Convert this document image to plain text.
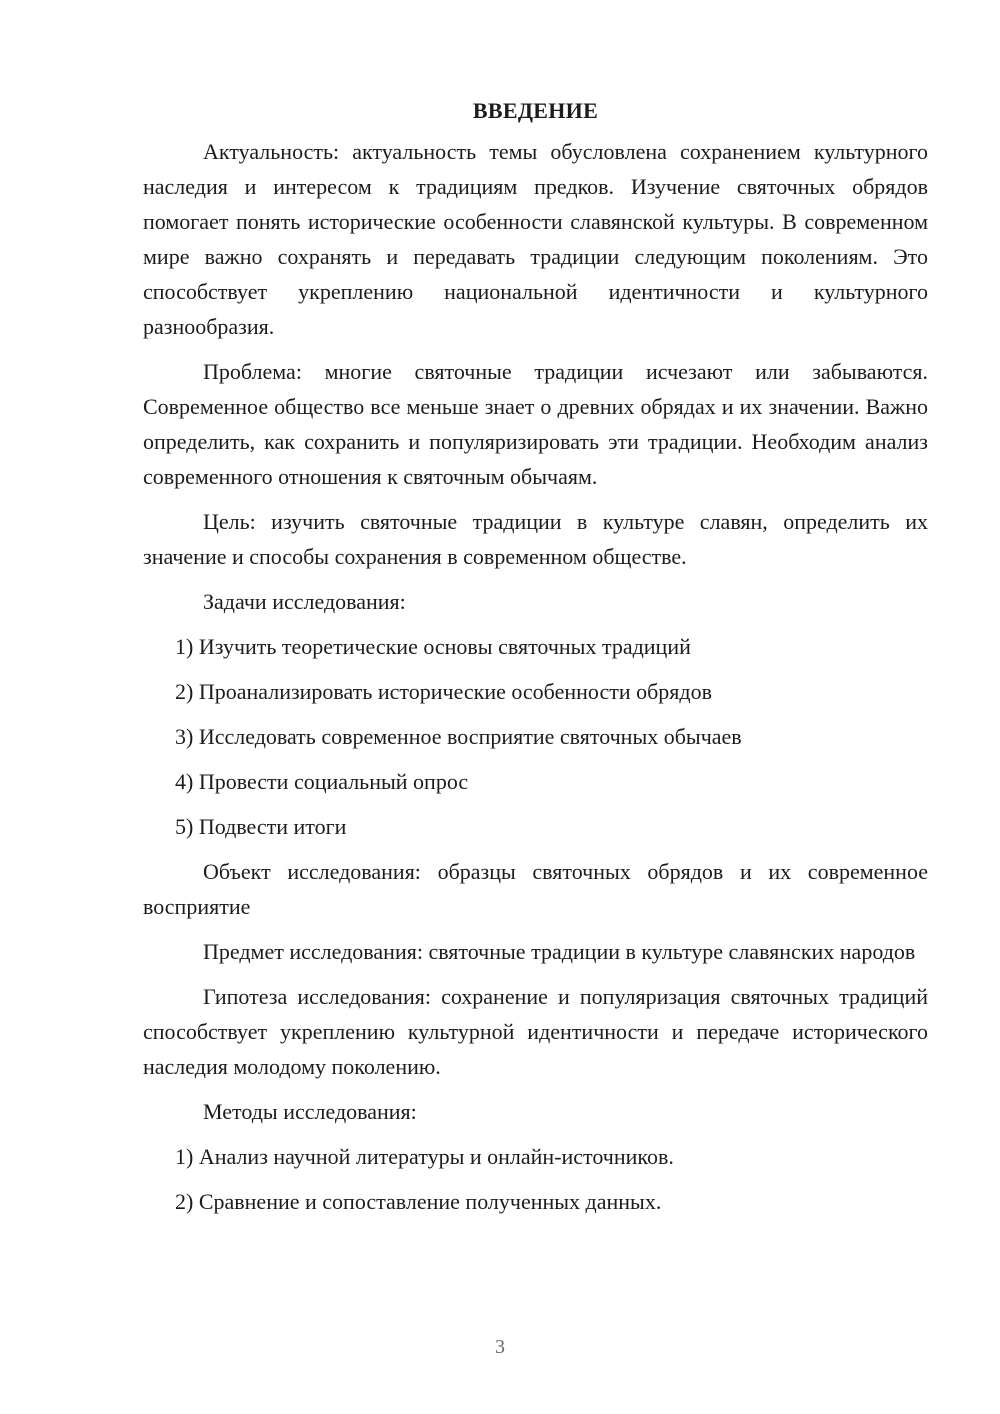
ВВЕДЕНИЕ

Актуальность: актуальность темы обусловлена сохранением культурного наследия и интересом к традициям предков. Изучение святочных обрядов помогает понять исторические особенности славянской культуры. В современном мире важно сохранять и передавать традиции следующим поколениям. Это способствует укреплению национальной идентичности и культурного разнообразия.

Проблема: многие святочные традиции исчезают или забываются. Современное общество все меньше знает о древних обрядах и их значении. Важно определить, как сохранить и популяризировать эти традиции. Необходим анализ современного отношения к святочным обычаям.

Цель: изучить святочные традиции в культуре славян, определить их значение и способы сохранения в современном обществе.

Задачи исследования:

1) Изучить теоретические основы святочных традиций
2) Проанализировать исторические особенности обрядов
3) Исследовать современное восприятие святочных обычаев
4) Провести социальный опрос
5) Подвести итоги

Объект исследования: образцы святочных обрядов и их современное восприятие

Предмет исследования: святочные традиции в культуре славянских народов

Гипотеза исследования: сохранение и популяризация святочных традиций способствует укреплению культурной идентичности и передаче исторического наследия молодому поколению.

Методы исследования:

1) Анализ научной литературы и онлайн-источников.
2) Сравнение и сопоставление полученных данных.
3
